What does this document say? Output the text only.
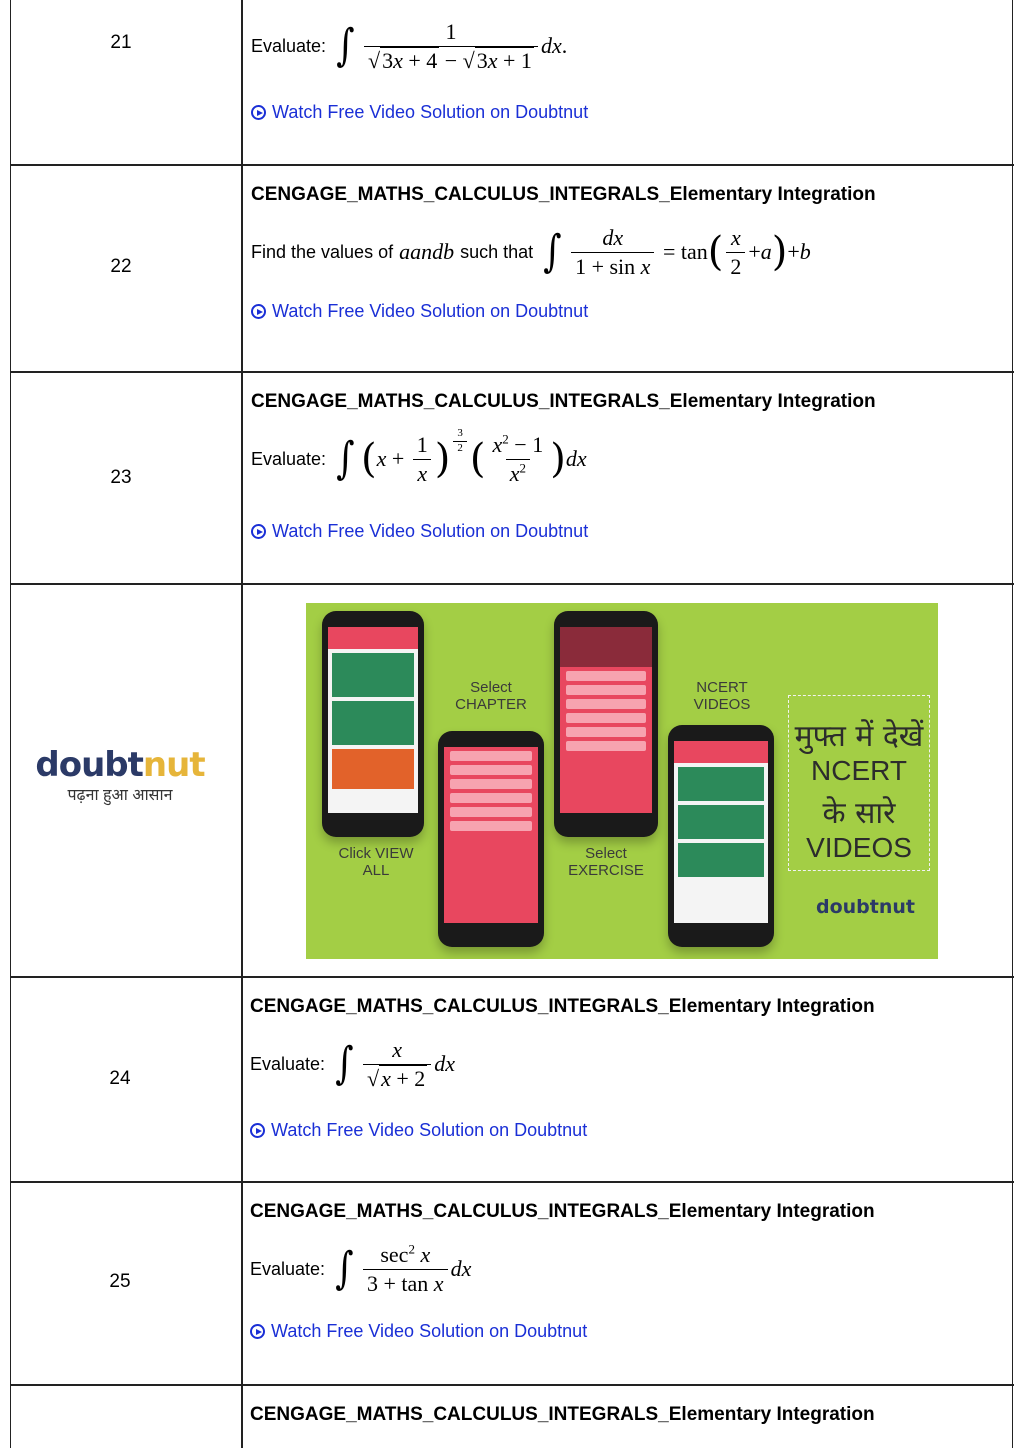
21	Evaluate: ∫ $\frac{1}{√3x + 4 - √3x + 1}$ dx .
Watch Free Video Solution on Doubtnut
22
CENGAGE_MATHS_CALCULUS_INTEGRALS_Elementary Integration
Find the values of aandb such that ∫ $\frac{dx}{\text{1 + sin x}} = \tan$ ( $\frac{x}{2} + a$ ) + b
Watch Free Video Solution on Doubtnut
23
CENGAGE_MATHS_CALCULUS_INTEGRALS_Elementary Integration
Evaluate: ∫ ( $x + \frac{1}{x}$ ) $^{\frac{3}{2}}$ ( $\frac{x^2 - 1}{x^2}$ ) dx
Watch Free Video Solution on Doubtnut
doubtnut
पढ़ना हुआ आसान
Select CHAPTER
Click VIEW ALL
Select EXERCISE
NCERT VIDEOS
मुफ्त में देखें
NCERT
के सारे
VIDEOS
doubtnut
24
CENGAGE_MATHS_CALCULUS_INTEGRALS_Elementary Integration
Evaluate: ∫ $\frac{x}{√x + 2}$ dx
Watch Free Video Solution on Doubtnut
25
CENGAGE_MATHS_CALCULUS_INTEGRALS_Elementary Integration
Evaluate: ∫ $\frac{\sec^2 x}{\text{3 + tan x}}$ dx
Watch Free Video Solution on Doubtnut
CENGAGE_MATHS_CALCULUS_INTEGRALS_Elementary Integration
